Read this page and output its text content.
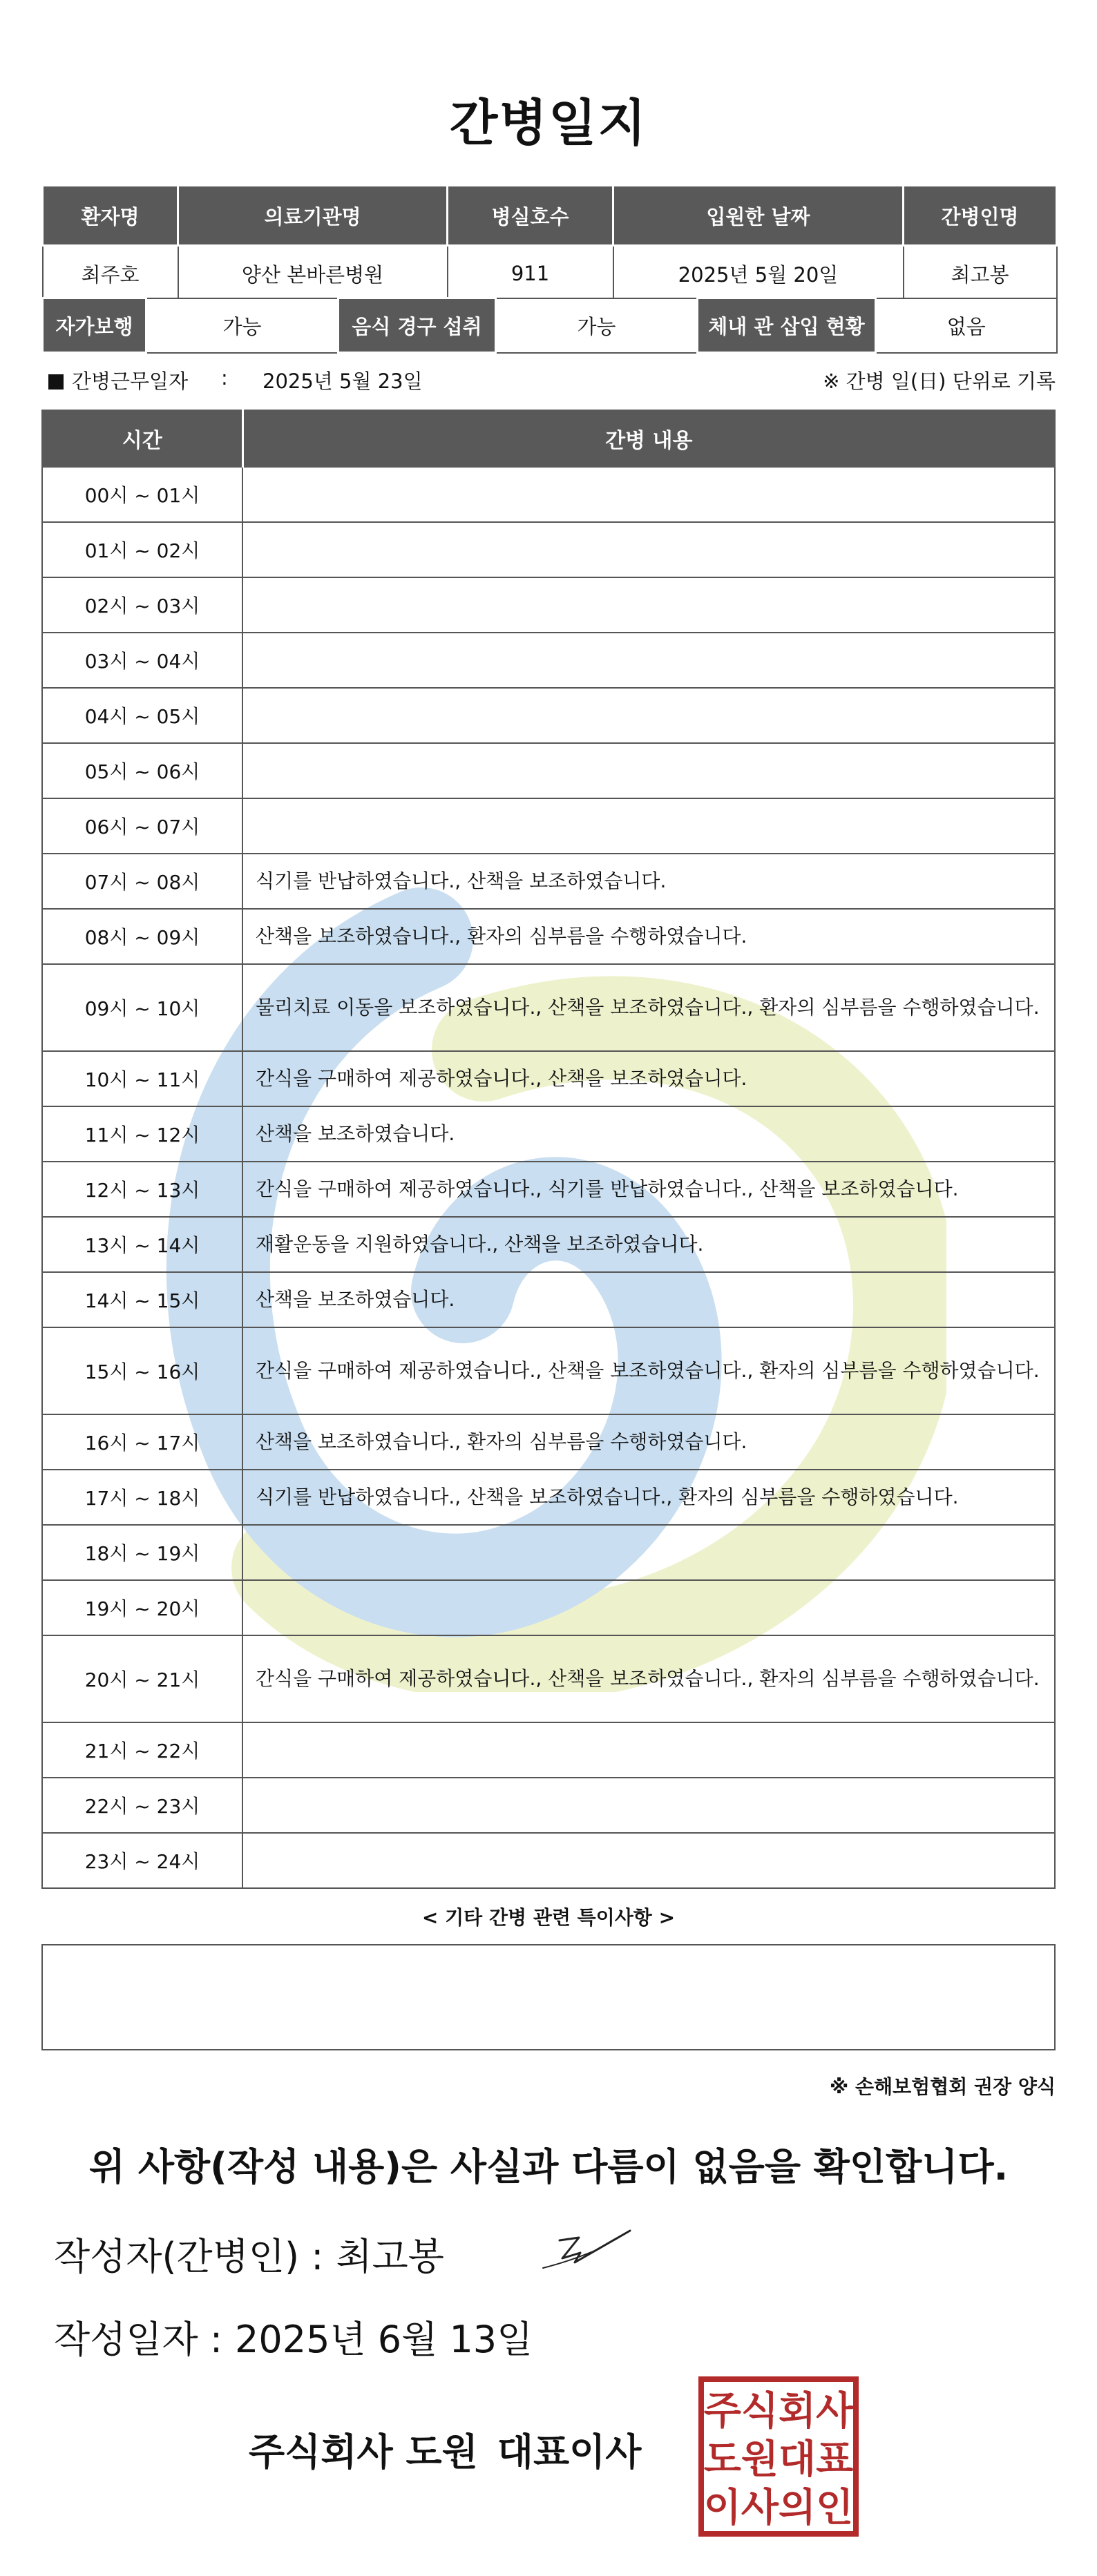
간병일지
환자명	의료기관명	병실호수	입원한 날짜	간병인명
최주호	양산 본바른병원	911	2025년 5월 20일	최고봉
자가보행	가능	음식 경구 섭취	가능	체내 관 삽입 현황	없음
간병근무일자 : 2025년 5월 23일	※ 간병 일(日) 단위로 기록
시간	간병 내용
00시 ~ 01시	
01시 ~ 02시	
02시 ~ 03시	
03시 ~ 04시	
04시 ~ 05시	
05시 ~ 06시	
06시 ~ 07시	
07시 ~ 08시	식기를 반납하였습니다., 산책을 보조하였습니다.
08시 ~ 09시	산책을 보조하였습니다., 환자의 심부름을 수행하였습니다.
09시 ~ 10시	물리치료 이동을 보조하였습니다., 산책을 보조하였습니다., 환자의 심부름을 수행하였습니다.
10시 ~ 11시	간식을 구매하여 제공하였습니다., 산책을 보조하였습니다.
11시 ~ 12시	산책을 보조하였습니다.
12시 ~ 13시	간식을 구매하여 제공하였습니다., 식기를 반납하였습니다., 산책을 보조하였습니다.
13시 ~ 14시	재활운동을 지원하였습니다., 산책을 보조하였습니다.
14시 ~ 15시	산책을 보조하였습니다.
15시 ~ 16시	간식을 구매하여 제공하였습니다., 산책을 보조하였습니다., 환자의 심부름을 수행하였습니다.
16시 ~ 17시	산책을 보조하였습니다., 환자의 심부름을 수행하였습니다.
17시 ~ 18시	식기를 반납하였습니다., 산책을 보조하였습니다., 환자의 심부름을 수행하였습니다.
18시 ~ 19시	
19시 ~ 20시	
20시 ~ 21시	간식을 구매하여 제공하였습니다., 산책을 보조하였습니다., 환자의 심부름을 수행하였습니다.
21시 ~ 22시	
22시 ~ 23시	
23시 ~ 24시	
< 기타 간병 관련 특이사항 >
※ 손해보험협회 권장 양식
위 사항(작성 내용)은 사실과 다름이 없음을 확인합니다.
작성자(간병인) : 최고봉
작성일자 : 2025년 6월 13일
주식회사 도원 대표이사
주식회사
도원대표
이사의인
